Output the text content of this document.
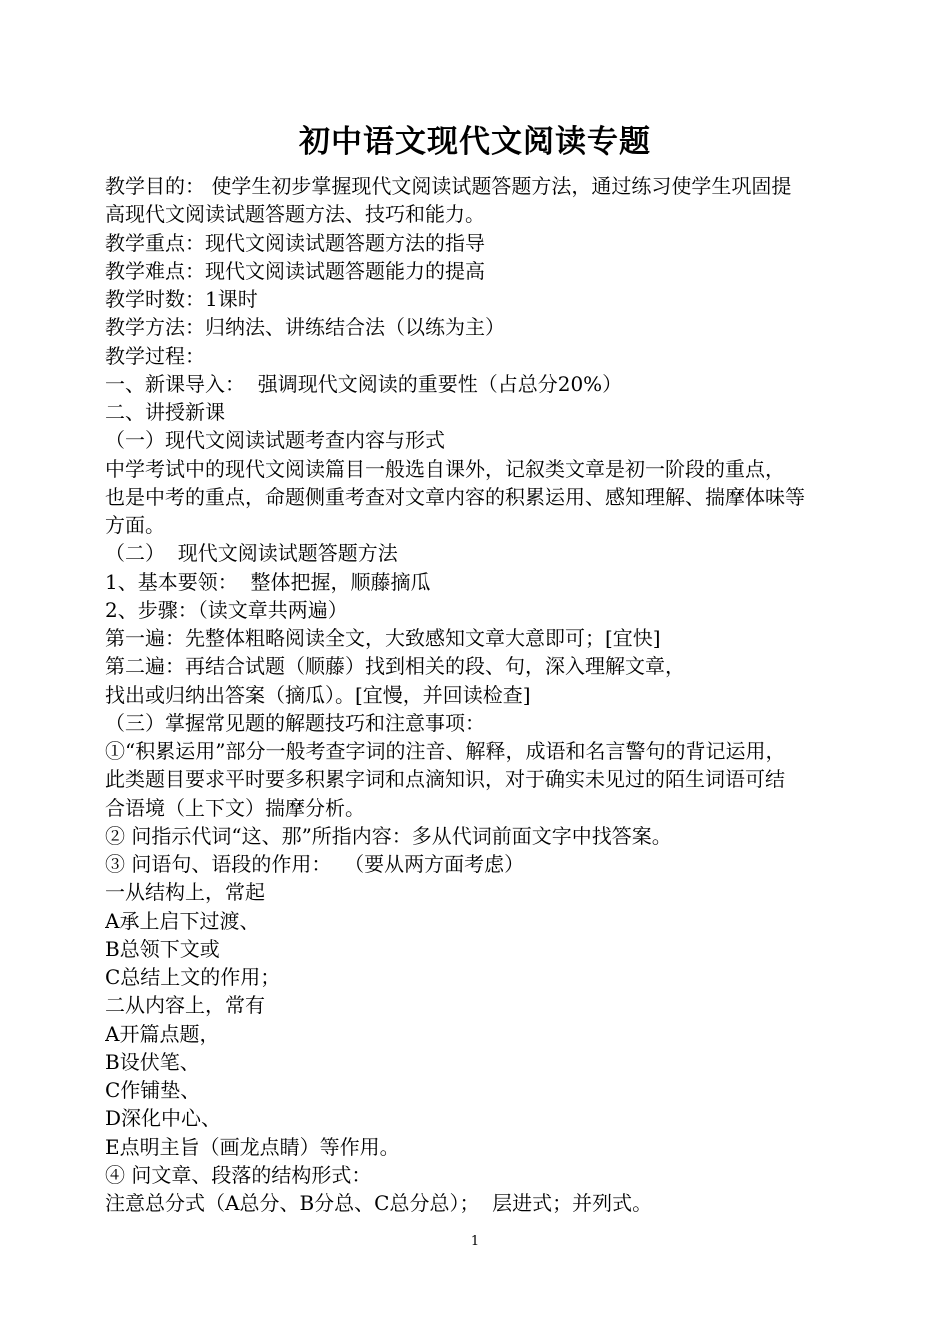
初中语文现代文阅读专题
教学目的： 使学生初步掌握现代文阅读试题答题方法，通过练习使学生巩固提
高现代文阅读试题答题方法、技巧和能力。
教学重点：现代文阅读试题答题方法的指导
教学难点：现代文阅读试题答题能力的提高
教学时数：1课时
教学方法：归纳法、讲练结合法（以练为主）
教学过程：
一、新课导入：  强调现代文阅读的重要性（占总分20%）
二、讲授新课
（一）现代文阅读试题考查内容与形式
中学考试中的现代文阅读篇目一般选自课外，记叙类文章是初一阶段的重点，
也是中考的重点，命题侧重考查对文章内容的积累运用、感知理解、揣摩体味等
方面。
（二）  现代文阅读试题答题方法
1、基本要领：  整体把握，顺藤摘瓜
2、步骤：（读文章共两遍）
第一遍：先整体粗略阅读全文，大致感知文章大意即可；[宜快]
第二遍：再结合试题（顺藤）找到相关的段、句，深入理解文章，
找出或归纳出答案（摘瓜）。[宜慢，并回读检查]
（三）掌握常见题的解题技巧和注意事项：
①“积累运用”部分一般考查字词的注音、解释，成语和名言警句的背记运用，
此类题目要求平时要多积累字词和点滴知识，对于确实未见过的陌生词语可结
合语境（上下文）揣摩分析。
② 问指示代词“这、那”所指内容：多从代词前面文字中找答案。
③ 问语句、语段的作用：  （要从两方面考虑）
一从结构上，常起
A承上启下过渡、
B总领下文或
C总结上文的作用；
二从内容上，常有
A开篇点题，
B设伏笔、
C作铺垫、
D深化中心、
E点明主旨（画龙点睛）等作用。
④ 问文章、段落的结构形式：
注意总分式（A总分、B分总、C总分总）；  层进式；并列式。
1
